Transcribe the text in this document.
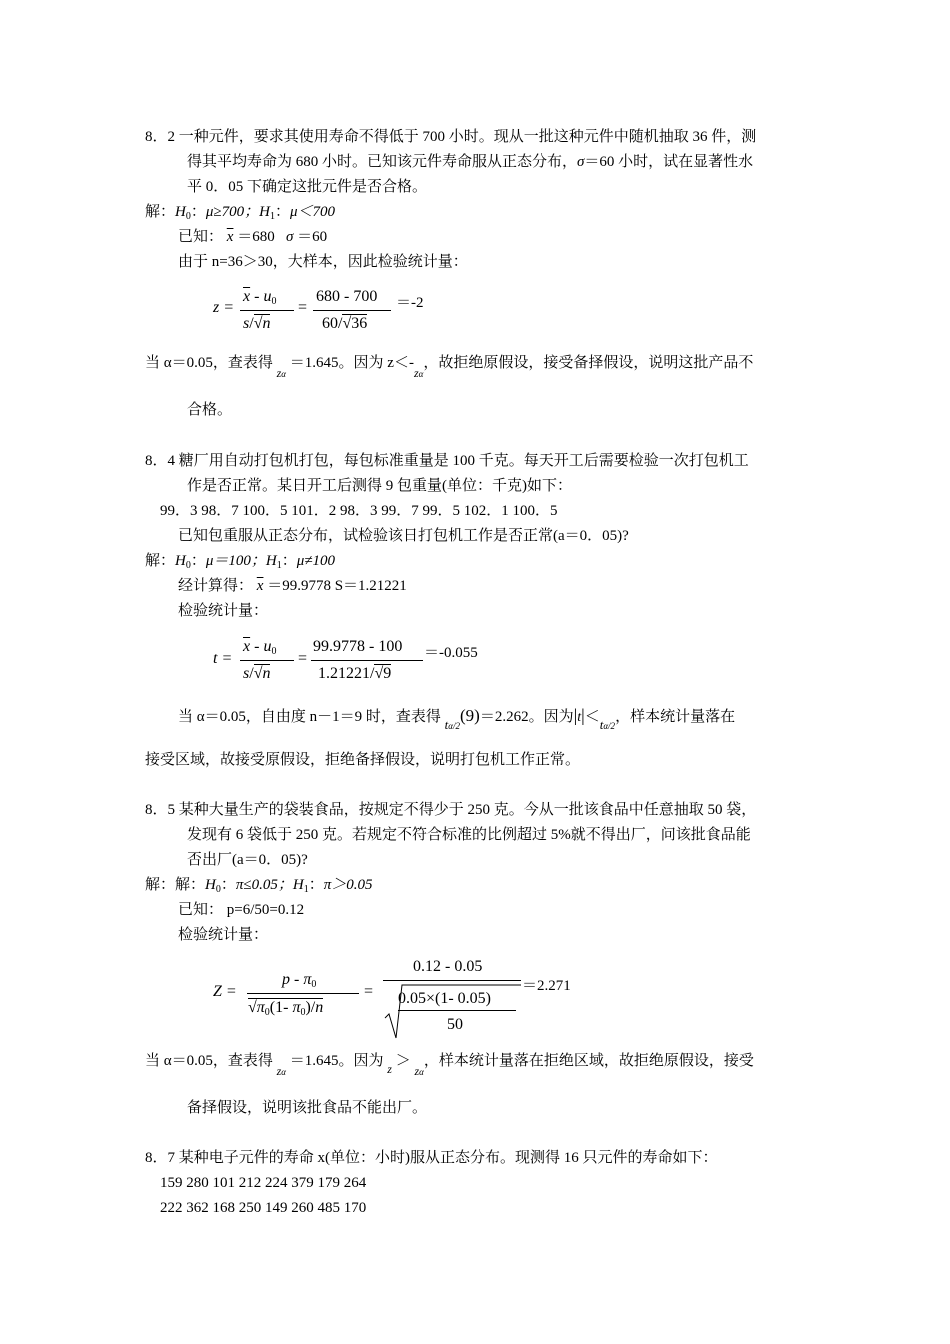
8．2 一种元件，要求其使用寿命不得低于 700 小时。现从一批这种元件中随机抽取 36 件，测
得其平均寿命为 680 小时。已知该元件寿命服从正态分布，σ＝60 小时，试在显著性水
平 0．05 下确定这批元件是否合格。
解：$H_0$：μ≥700；$H_1$：μ＜700
已知： $\overline{x} =680$ σ ＝60
由于 n=36＞30，大样本，因此检验统计量：
z =
$\overline{x} - u_0$
s/√n
=
680 - 700
60/√36
＝-2
当 α＝0.05，查表得 $_{z\alpha}$ ＝1.645。因为 $z<-_{z\alpha}$，故拒绝原假设，接受备择假设，说明这批产品不
合格。
8．4 糖厂用自动打包机打包，每包标准重量是 100 千克。每天开工后需要检验一次打包机工
作是否正常。某日开工后测得 9 包重量(单位：千克)如下：
99．3 98．7 100．5 101．2 98．3 99．7 99．5 102．1 100．5
已知包重服从正态分布，试检验该日打包机工作是否正常(a＝0．05)?
解：$H_0$：μ＝100；$H_1$：μ≠100
经计算得： $\overline{x} =99.9778$ S＝1.21221
检验统计量：
t =
$\overline{x} - u_0$
s/√n
=
99.9778 - 100
1.21221/√9
＝-0.055
当 α＝0.05，自由度 n－1＝9 时，查表得 tα/2(9)＝2.262。因为|t|＜tα/2，样本统计量落在
接受区域，故接受原假设，拒绝备择假设，说明打包机工作正常。
8．5 某种大量生产的袋装食品，按规定不得少于 250 克。今从一批该食品中任意抽取 50 袋，
发现有 6 袋低于 250 克。若规定不符合标准的比例超过 5%就不得出厂，问该批食品能
否出厂(a＝0．05)?
解：解：$H_0$：π≤0.05；$H_1$：π＞0.05
已知： p=6/50=0.12
检验统计量：
Z =
p - $\pi_0$
$√\pi_0(1-$ $\pi_0)/n$
=
0.12 - 0.05
0.05×(1- 0.05)
50
＝2.271
当 α＝0.05，查表得 $_{z\alpha}$ ＝1.645。因为 $_z$ ＞ $_{z\alpha}$，样本统计量落在拒绝区域，故拒绝原假设，接受
备择假设，说明该批食品不能出厂。
8．7 某种电子元件的寿命 x(单位：小时)服从正态分布。现测得 16 只元件的寿命如下：
159 280 101 212 224 379 179 264
222 362 168 250 149 260 485 170
